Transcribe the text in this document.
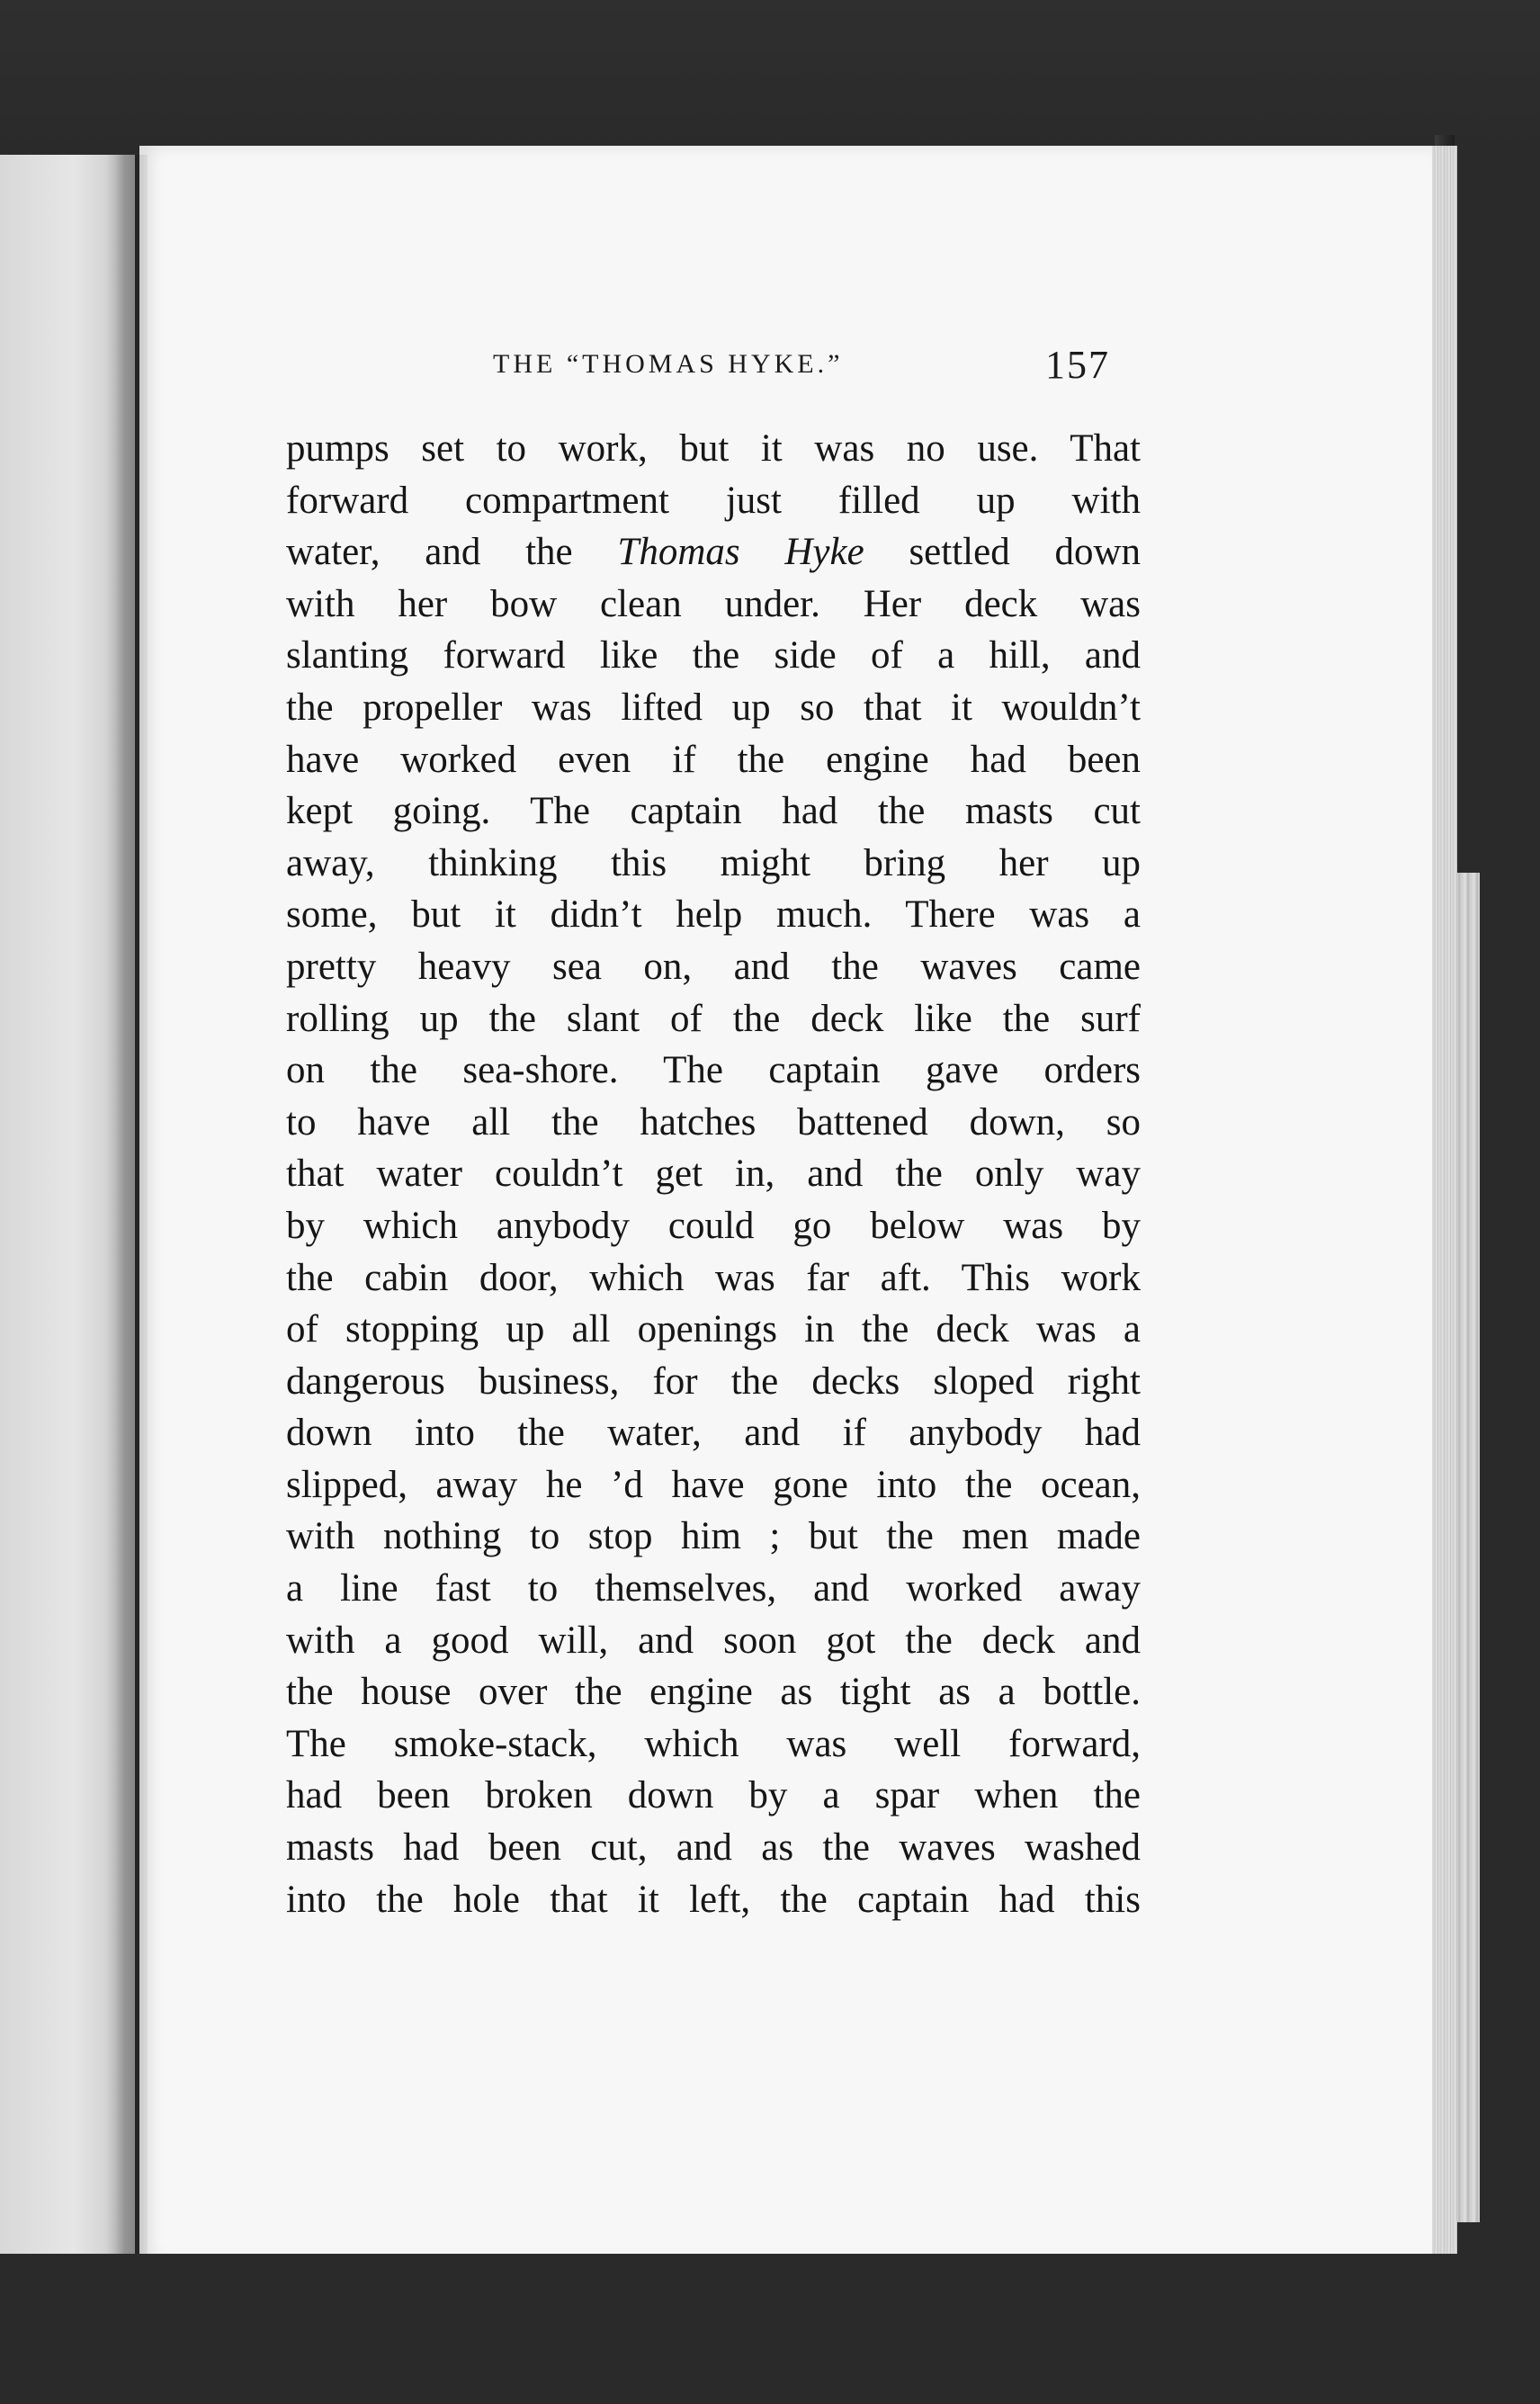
THE “THOMAS HYKE.”	157
pumps set to work, but it was no use. That
forward compartment just filled up with
water, and the Thomas Hyke settled down
with her bow clean under. Her deck was
slanting forward like the side of a hill, and
the propeller was lifted up so that it wouldn’t
have worked even if the engine had been
kept going. The captain had the masts cut
away, thinking this might bring her up
some, but it didn’t help much. There was a
pretty heavy sea on, and the waves came
rolling up the slant of the deck like the surf
on the sea-shore. The captain gave orders
to have all the hatches battened down, so
that water couldn’t get in, and the only way
by which anybody could go below was by
the cabin door, which was far aft. This work
of stopping up all openings in the deck was a
dangerous business, for the decks sloped right
down into the water, and if anybody had
slipped, away he ’d have gone into the ocean,
with nothing to stop him ; but the men made
a line fast to themselves, and worked away
with a good will, and soon got the deck and
the house over the engine as tight as a bottle.
The smoke-stack, which was well forward,
had been broken down by a spar when the
masts had been cut, and as the waves washed
into the hole that it left, the captain had this
